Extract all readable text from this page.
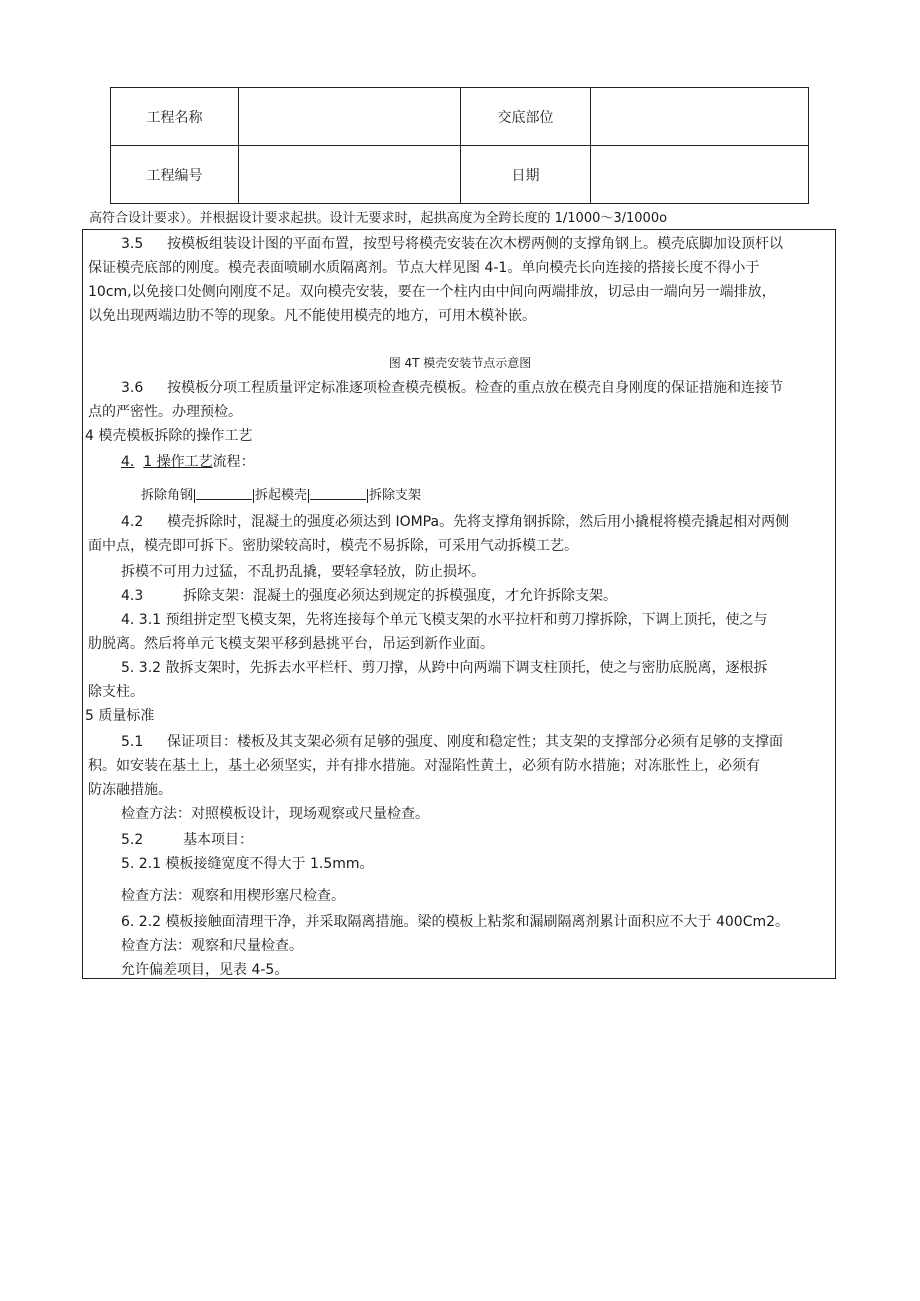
工程名称		交底部位	
工程编号		日期	
高符合设计要求）。并根据设计要求起拱。设计无要求时，起拱高度为全跨长度的 1/1000～3/1000o
3.5 按模板组装设计图的平面布置，按型号将模壳安装在次木楞两侧的支撑角钢上。模壳底脚加设顶杆以
保证模壳底部的刚度。模壳表面喷刷水质隔离剂。节点大样见图 4-1。单向模壳长向连接的搭接长度不得小于
10cm,以免接口处侧向刚度不足。双向模壳安装，要在一个柱内由中间向两端排放，切忌由一端向另一端排放，
以免出现两端边肋不等的现象。凡不能使用模壳的地方，可用木模补嵌。
图 4T 模壳安装节点示意图
3.6 按模板分项工程质量评定标准逐项检查模壳模板。检查的重点放在模壳自身刚度的保证措施和连接节
点的严密性。办理预检。
4 模壳模板拆除的操作工艺
4. 1 操作工艺流程：
拆除角钢	拆起模壳	拆除支架
4.2 模壳拆除时，混凝土的强度必须达到 IOMPa。先将支撑角钢拆除，然后用小撬棍将模壳撬起相对两侧
面中点，模壳即可拆下。密肋梁较高时，模壳不易拆除，可采用气动拆模工艺。
拆模不可用力过猛，不乱扔乱撬，要轻拿轻放，防止损坏。
4.3	拆除支架：混凝土的强度必须达到规定的拆模强度，才允许拆除支架。
4. 3.1 预组拼定型飞模支架，先将连接每个单元飞模支架的水平拉杆和剪刀撑拆除，下调上顶托，使之与
肋脱离。然后将单元飞模支架平移到悬挑平台，吊运到新作业面。
5. 3.2 散拆支架时，先拆去水平栏杆、剪刀撑，从跨中向两端下调支柱顶托，使之与密肋底脱离，逐根拆
除支柱。
5 质量标准
5.1 保证项目：楼板及其支架必须有足够的强度、刚度和稳定性；其支架的支撑部分必须有足够的支撑面
积。如安装在基土上，基土必须坚实，并有排水措施。对湿陷性黄土，必须有防水措施；对冻胀性上，必须有
防冻融措施。
检查方法：对照模板设计，现场观察或尺量检查。
5.2	基本项目：
5. 2.1 模板接缝宽度不得大于 1.5mm。
检查方法：观察和用楔形塞尺检查。
6. 2.2 模板接触面清理干净，并采取隔离措施。梁的模板上粘浆和漏刷隔离剂累计面积应不大于 400Cm2。
检查方法：观察和尺量检查。
允许偏差项目，见表 4-5。
